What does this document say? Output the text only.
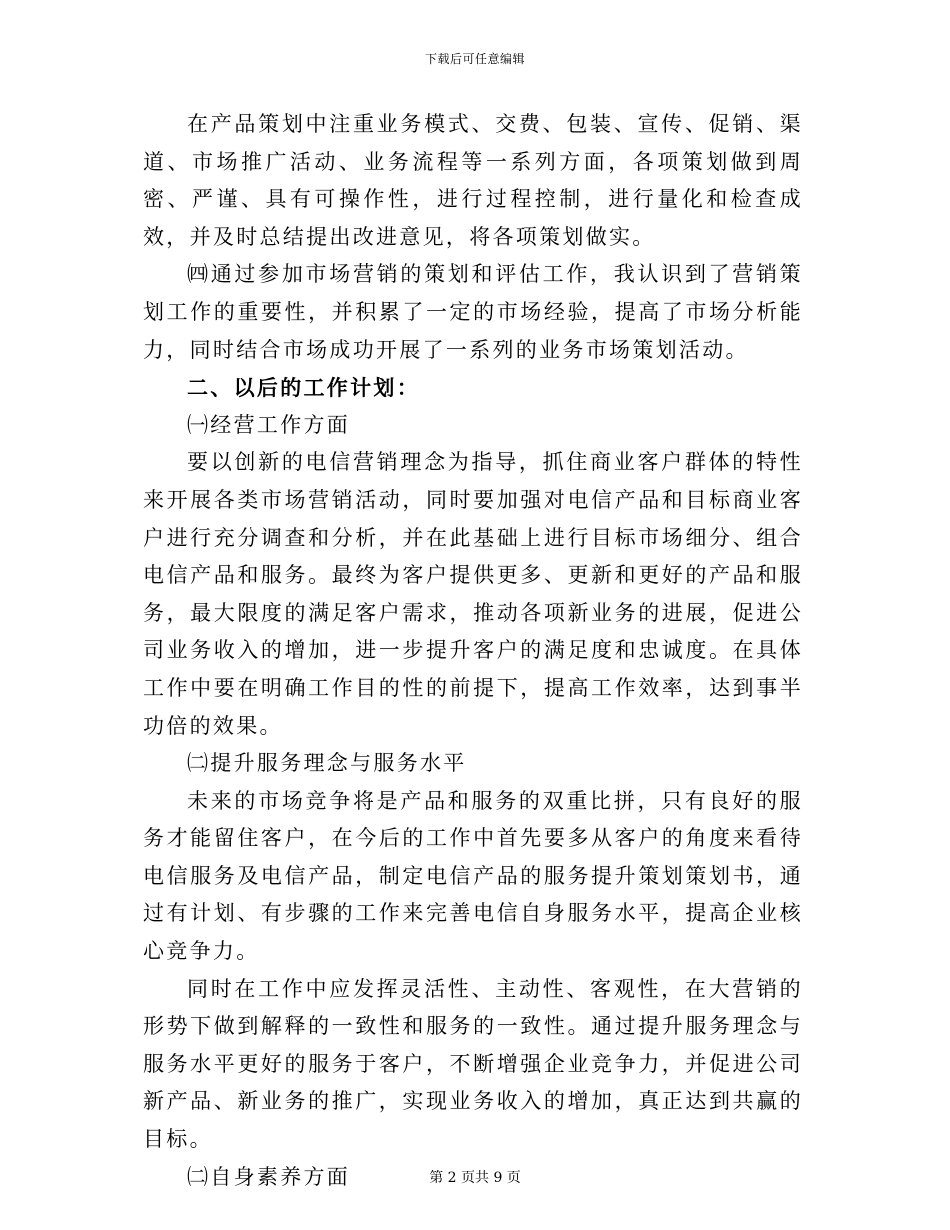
下载后可任意编辑

在产品策划中注重业务模式、交费、包装、宣传、促销、渠道、市场推广活动、业务流程等一系列方面，各项策划做到周密、严谨、具有可操作性，进行过程控制，进行量化和检查成效，并及时总结提出改进意见，将各项策划做实。

㈣通过参加市场营销的策划和评估工作，我认识到了营销策划工作的重要性，并积累了一定的市场经验，提高了市场分析能力，同时结合市场成功开展了一系列的业务市场策划活动。

二、以后的工作计划：

㈠经营工作方面

要以创新的电信营销理念为指导，抓住商业客户群体的特性来开展各类市场营销活动，同时要加强对电信产品和目标商业客户进行充分调查和分析，并在此基础上进行目标市场细分、组合电信产品和服务。最终为客户提供更多、更新和更好的产品和服务，最大限度的满足客户需求，推动各项新业务的进展，促进公司业务收入的增加，进一步提升客户的满足度和忠诚度。在具体工作中要在明确工作目的性的前提下，提高工作效率，达到事半功倍的效果。

㈡提升服务理念与服务水平

未来的市场竞争将是产品和服务的双重比拼，只有良好的服务才能留住客户，在今后的工作中首先要多从客户的角度来看待电信服务及电信产品，制定电信产品的服务提升策划策划书，通过有计划、有步骤的工作来完善电信自身服务水平，提高企业核心竞争力。

同时在工作中应发挥灵活性、主动性、客观性，在大营销的形势下做到解释的一致性和服务的一致性。通过提升服务理念与服务水平更好的服务于客户，不断增强企业竞争力，并促进公司新产品、新业务的推广，实现业务收入的增加，真正达到共赢的目标。

㈡自身素养方面	第 2 页共 9 页
